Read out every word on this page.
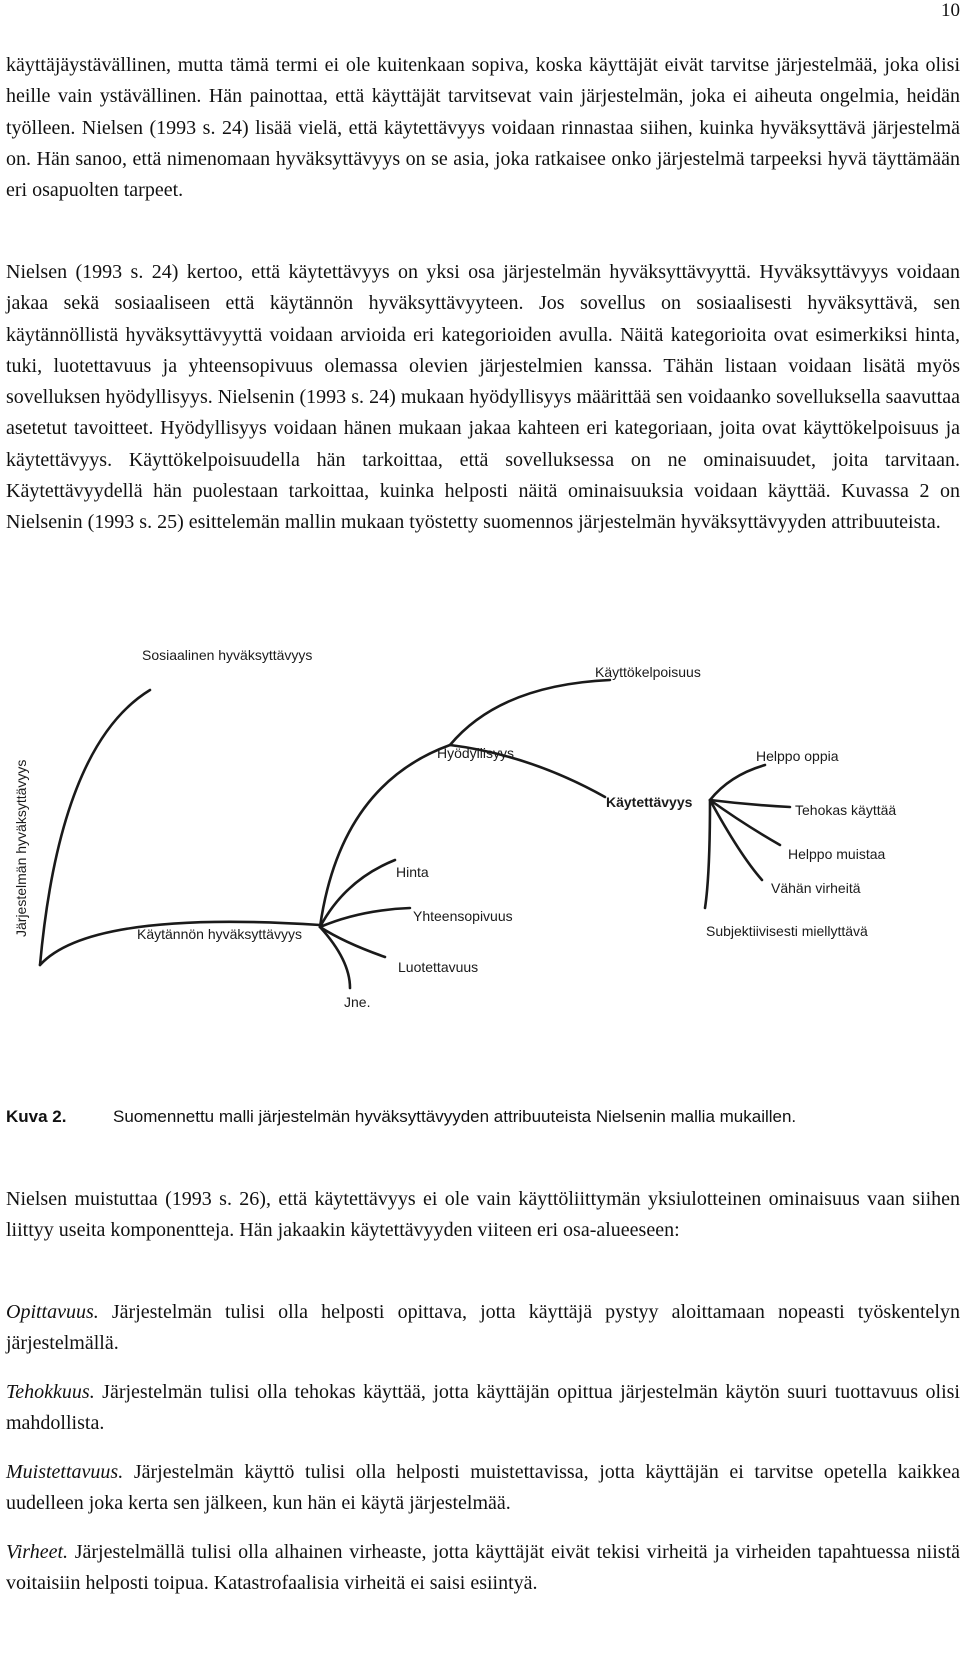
10

käyttäjäystävällinen, mutta tämä termi ei ole kuitenkaan sopiva, koska käyttäjät eivät tarvitse järjestelmää, joka olisi heille vain ystävällinen. Hän painottaa, että käyttäjät tarvitsevat vain järjestelmän, joka ei aiheuta ongelmia, heidän työlleen. Nielsen (1993 s. 24) lisää vielä, että käytettävyys voidaan rinnastaa siihen, kuinka hyväksyttävä järjestelmä on. Hän sanoo, että nimenomaan hyväksyttävyys on se asia, joka ratkaisee onko järjestelmä tarpeeksi hyvä täyttämään eri osapuolten tarpeet.

Nielsen (1993 s. 24) kertoo, että käytettävyys on yksi osa järjestelmän hyväksyttävyyttä. Hyväksyttävyys voidaan jakaa sekä sosiaaliseen että käytännön hyväksyttävyyteen. Jos sovellus on sosiaalisesti hyväksyttävä, sen käytännöllistä hyväksyttävyyttä voidaan arvioida eri kategorioiden avulla. Näitä kategorioita ovat esimerkiksi hinta, tuki, luotettavuus ja yhteensopivuus olemassa olevien järjestelmien kanssa. Tähän listaan voidaan lisätä myös sovelluksen hyödyllisyys. Nielsenin (1993 s. 24) mukaan hyödyllisyys määrittää sen voidaanko sovelluksella saavuttaa asetetut tavoitteet. Hyödyllisyys voidaan hänen mukaan jakaa kahteen eri kategoriaan, joita ovat käyttökelpoisuus ja käytettävyys. Käyttökelpoisuudella hän tarkoittaa, että sovelluksessa on ne ominaisuudet, joita tarvitaan. Käytettävyydellä hän puolestaan tarkoittaa, kuinka helposti näitä ominaisuuksia voidaan käyttää. Kuvassa 2 on Nielsenin (1993 s. 25) esittelemän mallin mukaan työstetty suomennos järjestelmän hyväksyttävyyden attribuuteista.

Järjestelmän hyväksyttävyys
Sosiaalinen hyväksyttävyys
Käytännön hyväksyttävyys
Hyödyllisyys
Käyttökelpoisuus
Käytettävyys
Hinta
Yhteensopivuus
Luotettavuus
Jne.
Helppo oppia
Tehokas käyttää
Helppo muistaa
Vähän virheitä
Subjektiivisesti miellyttävä
Kuva 2.	Suomennettu malli järjestelmän hyväksyttävyyden attribuuteista Nielsenin mallia mukaillen.

Nielsen muistuttaa (1993 s. 26), että käytettävyys ei ole vain käyttöliittymän yksiulotteinen ominaisuus vaan siihen liittyy useita komponentteja. Hän jakaakin käytettävyyden viiteen eri osa-alueeseen:

Opittavuus. Järjestelmän tulisi olla helposti opittava, jotta käyttäjä pystyy aloittamaan nopeasti työskentelyn järjestelmällä.

Tehokkuus. Järjestelmän tulisi olla tehokas käyttää, jotta käyttäjän opittua järjestelmän käytön suuri tuottavuus olisi mahdollista.

Muistettavuus. Järjestelmän käyttö tulisi olla helposti muistettavissa, jotta käyttäjän ei tarvitse opetella kaikkea uudelleen joka kerta sen jälkeen, kun hän ei käytä järjestelmää.

Virheet. Järjestelmällä tulisi olla alhainen virheaste, jotta käyttäjät eivät tekisi virheitä ja virheiden tapahtuessa niistä voitaisiin helposti toipua. Katastrofaalisia virheitä ei saisi esiintyä.
